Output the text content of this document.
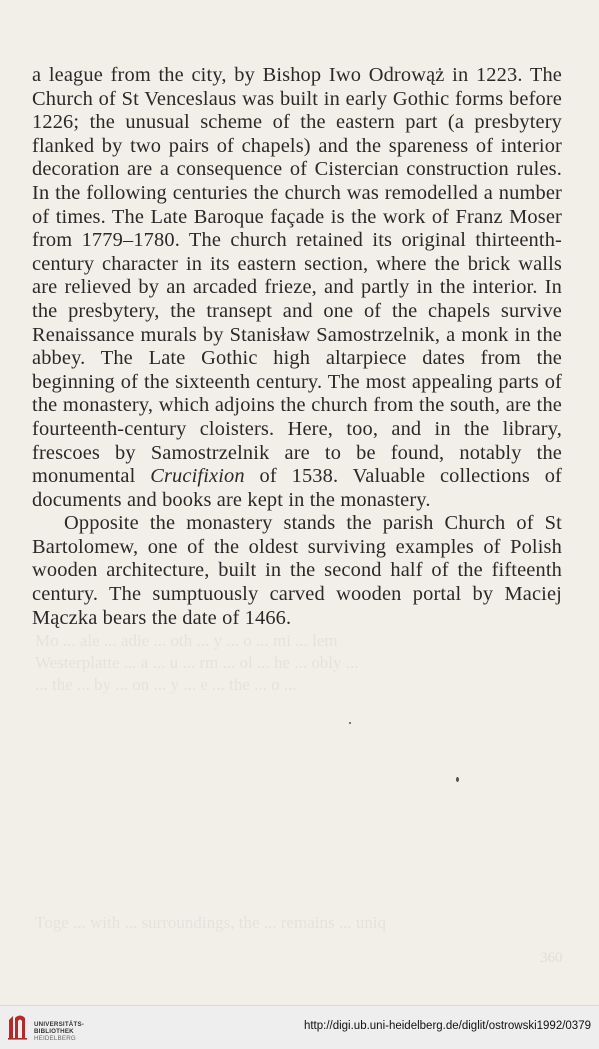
Mo ... ale ... adie ... oth ... y ... o ... mi ... lem
Westerplatte ... a ... u ... rm ... ol ... he ... obly ...
... the ... by ... on ... y ... e ... the ... o ...
Toge ... with ... surroundings, the ... remains ... uniq
360

a league from the city, by Bishop Iwo Odrowąż in 1223. The Church of St Venceslaus was built in early Gothic forms before 1226; the unusual scheme of the eastern part (a presbytery flanked by two pairs of chapels) and the spareness of interior decoration are a consequence of Cistercian construction rules. In the following centuries the church was remodelled a number of times. The Late Baroque façade is the work of Franz Moser from 1779–1780. The church retained its original thirteenth-century character in its eastern section, where the brick walls are relieved by an arcaded frieze, and partly in the interior. In the presbytery, the transept and one of the chapels survive Renaissance murals by Stanisław Samostrzelnik, a monk in the abbey. The Late Gothic high altarpiece dates from the beginning of the sixteenth century. The most appealing parts of the monastery, which adjoins the church from the south, are the fourteenth-century cloisters. Here, too, and in the library, frescoes by Samostrzelnik are to be found, notably the monumental Crucifixion of 1538. Valuable collections of documents and books are kept in the monastery.

Opposite the monastery stands the parish Church of St Bartolomew, one of the oldest surviving examples of Polish wooden architecture, built in the second half of the fifteenth century. The sumptuously carved wooden portal by Maciej Mączka bears the date of 1466.

UNIVERSITÄTS-
BIBLIOTHEK
HEIDELBERG
http://digi.ub.uni-heidelberg.de/diglit/ostrowski1992/0379
